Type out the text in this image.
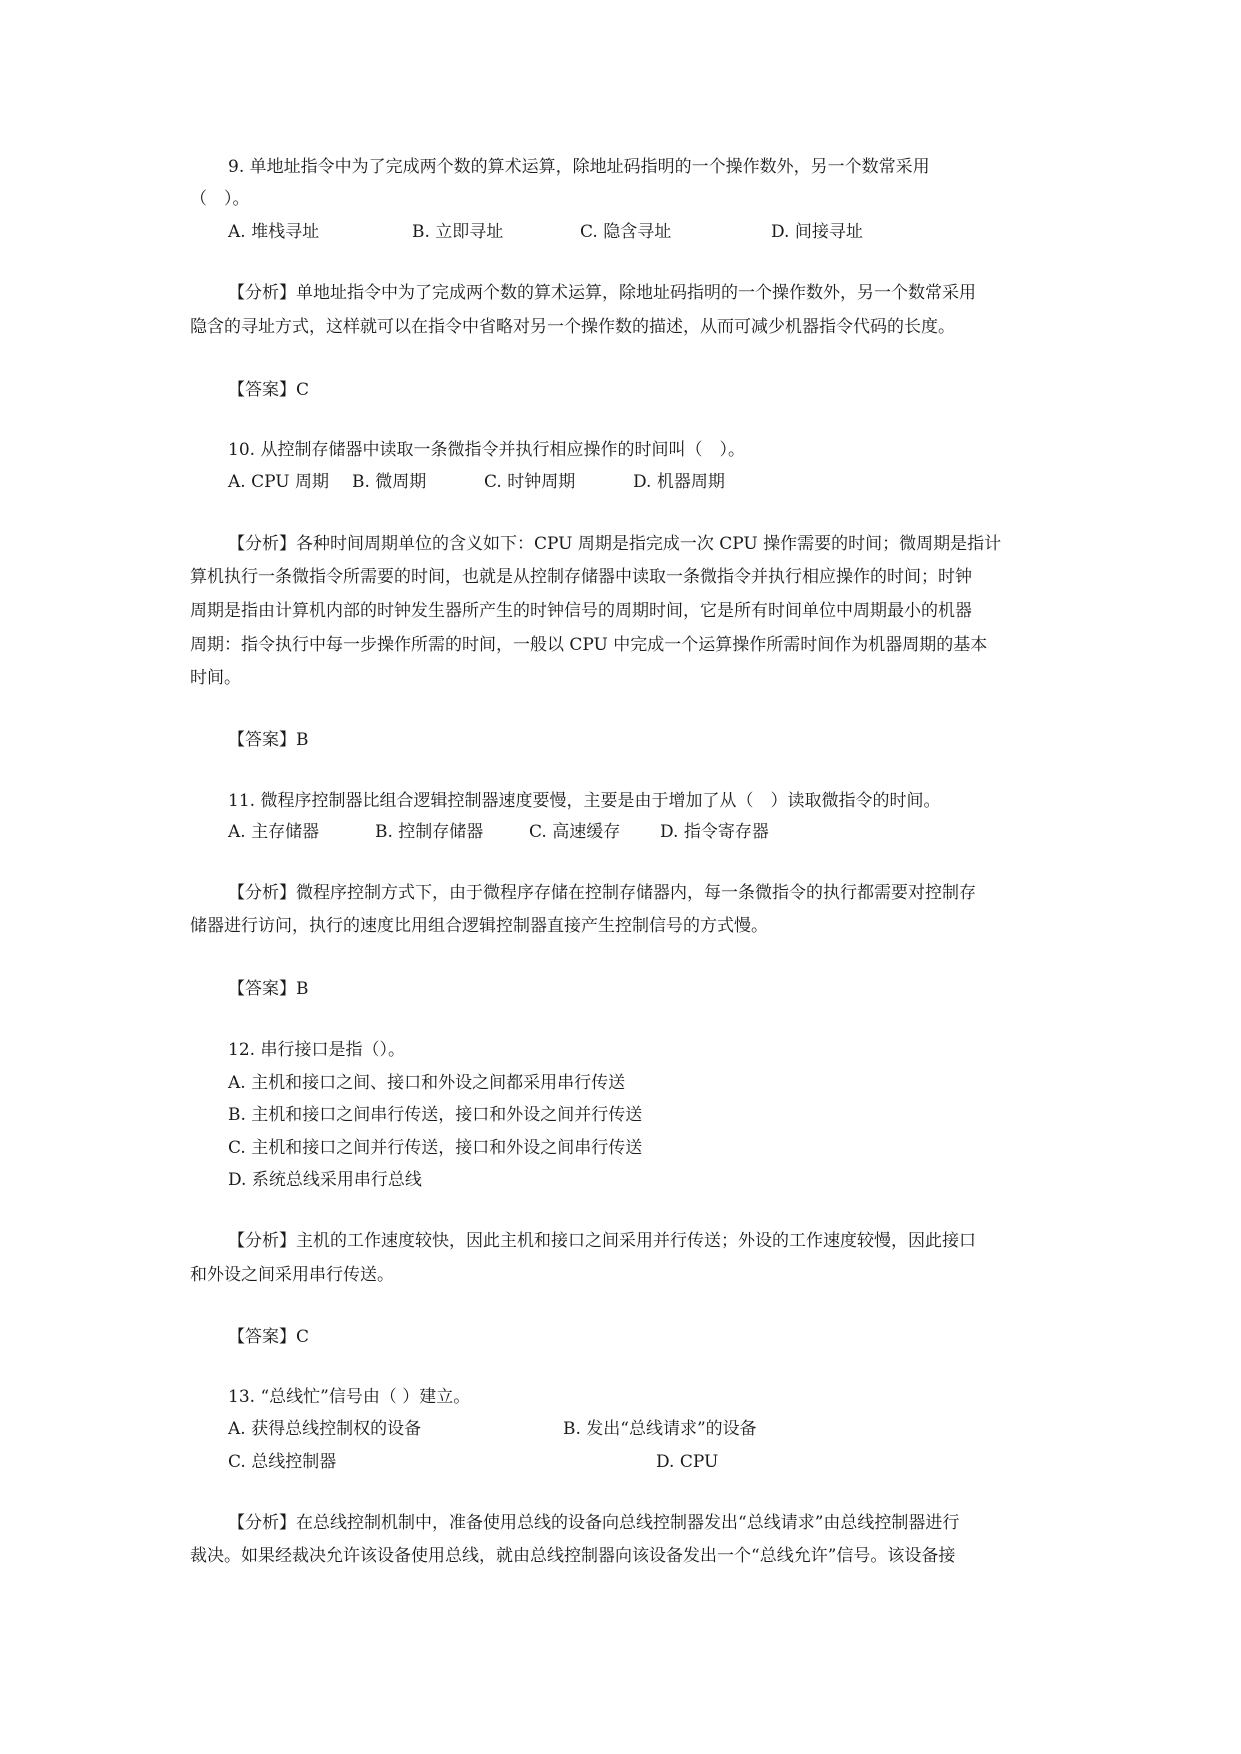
9. 单地址指令中为了完成两个数的算术运算，除地址码指明的一个操作数外，另一个数常采用
（　）。
A. 堆栈寻址	B. 立即寻址	C. 隐含寻址	D. 间接寻址
【分析】单地址指令中为了完成两个数的算术运算，除地址码指明的一个操作数外，另一个数常采用
隐含的寻址方式，这样就可以在指令中省略对另一个操作数的描述，从而可减少机器指令代码的长度。
【答案】C
10. 从控制存储器中读取一条微指令并执行相应操作的时间叫（　）。
A. CPU 周期 B. 微周期	C. 时钟周期	D. 机器周期
【分析】各种时间周期单位的含义如下：CPU 周期是指完成一次 CPU 操作需要的时间；微周期是指计
算机执行一条微指令所需要的时间，也就是从控制存储器中读取一条微指令并执行相应操作的时间；时钟
周期是指由计算机内部的时钟发生器所产生的时钟信号的周期时间，它是所有时间单位中周期最小的机器
周期：指令执行中每一步操作所需的时间，一般以 CPU 中完成一个运算操作所需时间作为机器周期的基本
时间。
【答案】B
11. 微程序控制器比组合逻辑控制器速度要慢，主要是由于增加了从（　）读取微指令的时间。
A. 主存储器	B. 控制存储器	C. 高速缓存 D. 指令寄存器
【分析】微程序控制方式下，由于微程序存储在控制存储器内，每一条微指令的执行都需要对控制存
储器进行访问，执行的速度比用组合逻辑控制器直接产生控制信号的方式慢。
【答案】B
12. 串行接口是指（）。
A. 主机和接口之间、接口和外设之间都采用串行传送
B. 主机和接口之间串行传送，接口和外设之间并行传送
C. 主机和接口之间并行传送，接口和外设之间串行传送
D. 系统总线采用串行总线
【分析】主机的工作速度较快，因此主机和接口之间采用并行传送；外设的工作速度较慢，因此接口
和外设之间采用串行传送。
【答案】C
13. “总线忙”信号由（ ）建立。
A. 获得总线控制权的设备	B. 发出“总线请求”的设备
C. 总线控制器	D. CPU
【分析】在总线控制机制中，准备使用总线的设备向总线控制器发出“总线请求”由总线控制器进行
裁决。如果经裁决允许该设备使用总线，就由总线控制器向该设备发出一个“总线允许”信号。该设备接
